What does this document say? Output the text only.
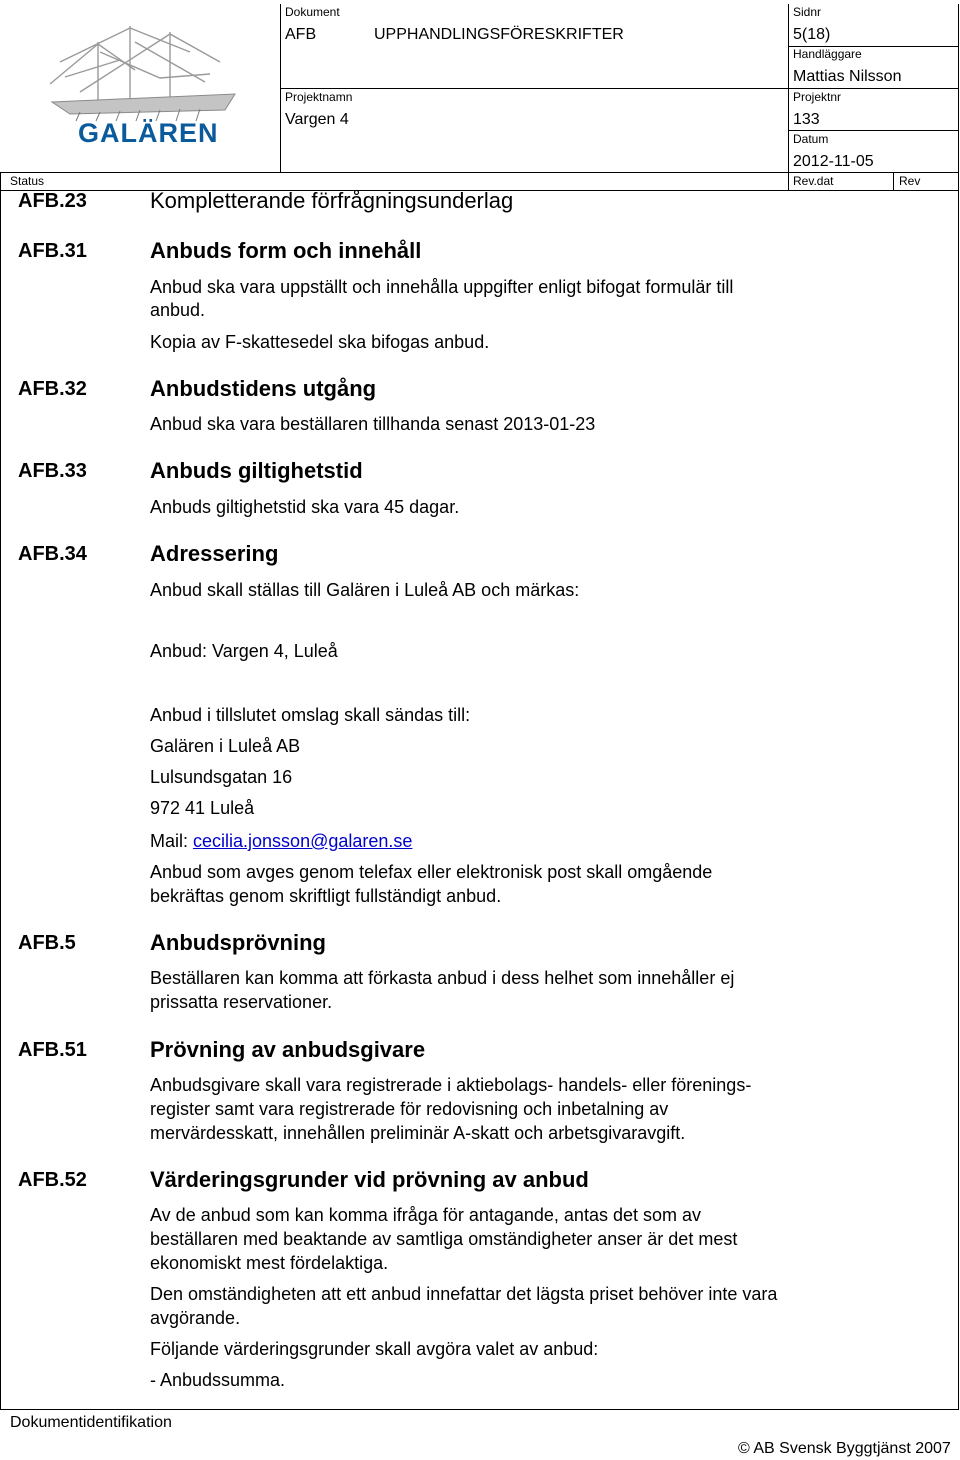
GALÄREN
Dokument
AFB	UPPHANDLINGSFÖRESKRIFTER
Sidnr
5(18)
Handläggare
Mattias Nilsson
Projektnamn
Vargen 4
Projektnr
133
Datum
2012-11-05
Status	Rev.dat	Rev
AFB.23	Kompletterande förfrågningsunderlag
AFB.31	Anbuds form och innehåll
Anbud ska vara uppställt och innehålla uppgifter enligt bifogat formulär till
anbud.
Kopia av F-skattesedel ska bifogas anbud.
AFB.32	Anbudstidens utgång
Anbud ska vara beställaren tillhanda senast 2013-01-23
AFB.33	Anbuds giltighetstid
Anbuds giltighetstid ska vara 45 dagar.
AFB.34	Adressering
Anbud skall ställas till Galären i Luleå AB och märkas:
Anbud: Vargen 4, Luleå
Anbud i tillslutet omslag skall sändas till:
Galären i Luleå AB
Lulsundsgatan 16
972 41 Luleå
Mail: cecilia.jonsson@galaren.se
Anbud som avges genom telefax eller elektronisk post skall omgående
bekräftas genom skriftligt fullständigt anbud.
AFB.5	Anbudsprövning
Beställaren kan komma att förkasta anbud i dess helhet som innehåller ej
prissatta reservationer.
AFB.51	Prövning av anbudsgivare
Anbudsgivare skall vara registrerade i aktiebolags- handels- eller förenings-
register samt vara registrerade för redovisning och inbetalning av
mervärdesskatt, innehållen preliminär A-skatt och arbetsgivaravgift.
AFB.52	Värderingsgrunder vid prövning av anbud
Av de anbud som kan komma ifråga för antagande, antas det som av
beställaren med beaktande av samtliga omständigheter anser är det mest
ekonomiskt mest fördelaktiga.
Den omständigheten att ett anbud innefattar det lägsta priset behöver inte vara
avgörande.
Följande värderingsgrunder skall avgöra valet av anbud:
- Anbudssumma.
Dokumentidentifikation
© AB Svensk Byggtjänst 2007
